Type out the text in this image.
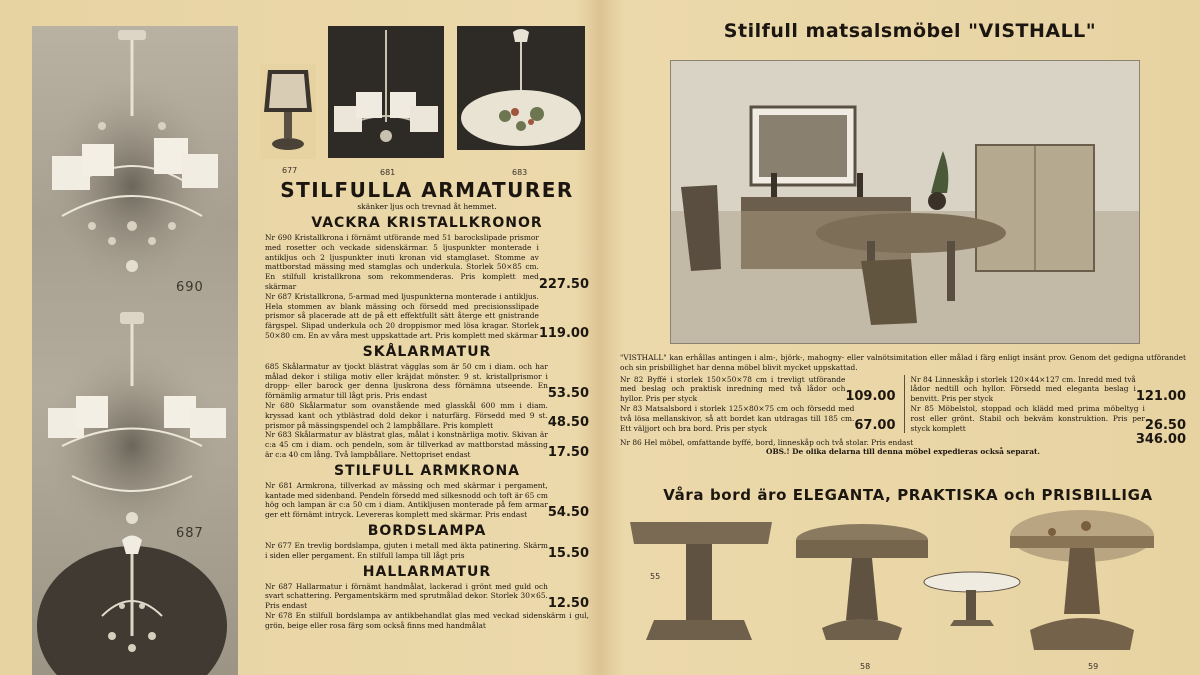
690
687
677	681	683

STILFULLA ARMATURER

skänker ljus och trevnad åt hemmet.

VACKRA KRISTALLKRONOR

Nr 690 Kristallkrona i förnämt utförande med 51 barockslipade prismor med rosetter och veckade sidenskärmar. 5 ljuspunkter monterade i antikljus och 2 ljuspunkter inuti kronan vid stamglaset. Stomme av mattborstad mässing med stamglas och underkula. Storlek 50×85 cm. En stilfull kristallkrona som rekommenderas. Pris komplett med skärmar	227.50

Nr 687 Kristallkrona, 5-armad med ljuspunkterna monterade i antikljus. Hela stommen av blank mässing och försedd med precisionsslipade prismor så placerade att de på ett effektfullt sätt återge ett gnistrande färgspel. Slipad underkula och 20 droppismor med lösa kragar. Storlek 50×80 cm. En av våra mest uppskattade art. Pris komplett med skärmar 119.00

SKÅLARMATUR

685 Skålarmatur av tjockt blästrat vägglas som är 50 cm i diam. och har målad dekor i stiliga motiv eller kräjdat mönster. 9 st. kristallprismor i dropp- eller barock ger denna ljuskrona dess förnämna utseende. En förnämlig armatur till lågt pris. Pris endast	53.50

Nr 680 Skålarmatur som ovanstående med glasskål 600 mm i diam. kryssad kant och ytblästrad dold dekor i naturfärg. Försedd med 9 st. prismor på mässingspendel och 2 lampbållare. Pris komplett	48.50

Nr 683 Skålarmatur av blästrat glas, målat i konstnärliga motiv. Skivan är c:a 45 cm i diam. och pendeln, som är tillverkad av mattborstad mässing är c:a 40 cm lång. Två lampbållare. Nettopriset endast	17.50

STILFULL ARMKRONA

Nr 681 Armkrona, tillverkad av mässing och med skärmar i pergament, kantade med sidenband. Pendeln försedd med silkesnodd och toft är 65 cm hög och lampan är c:a 50 cm i diam. Antikljusen monterade på fem armar ger ett förnämt intryck. Levereras komplett med skärmar. Pris endast	54.50

BORDSLAMPA

Nr 677 En trevlig bordslampa, gjuten i metall med äkta patinering. Skärm i siden eller pergament. En stilfull lampa till lågt pris	15.50

HALLARMATUR

Nr 687 Hallarmatur i förnämt handmålat, lackerad i grönt med guld och svart schattering. Pergamentskärm med sprutmålad dekor. Storlek 30×65. Pris endast	12.50

Nr 678 En stilfull bordslampa av antikbehandlat glas med veckad sidenskärm i gul, grön, beige eller rosa färg som också finns med handmålat

Stilfull matsalsmöbel "VISTHALL"

"VISTHALL" kan erhållas antingen i alm-, björk-, mahogny- eller valnötsimitation eller målad i färg enligt insänt prov. Genom det gedigna utförandet och sin prisbillighet har denna möbel blivit mycket uppskattad.

Nr 82 Byffé i storlek 150×50×78 cm i trevligt utförande med beslag och praktisk inredning med två lådor och hyllor. Pris per styck	109.00

Nr 83 Matsalsbord i storlek 125×80×75 cm och försedd med två lösa mellanskivor, så att bordet kan utdragas till 185 cm. Ett väljjort och bra bord. Pris per styck	67.00

Nr 84 Linneskåp i storlek 120×44×127 cm. Inredd med två lådor nedtill och hyllor. Försedd med eleganta beslag i benvitt. Pris per styck	121.00

Nr 85 Möbelstol, stoppad och klädd med prima möbeltyg i rost eller grönt. Stabil och bekväm konstruktion. Pris per styck komplett	26.50

Nr 86 Hel möbel, omfattande byffé, bord, linneskåp och två stolar. Pris endast	346.00

OBS.! De olika delarna till denna möbel expedieras också separat.

Våra bord äro ELEGANTA, PRAKTISKA och PRISBILLIGA
55
58	59
